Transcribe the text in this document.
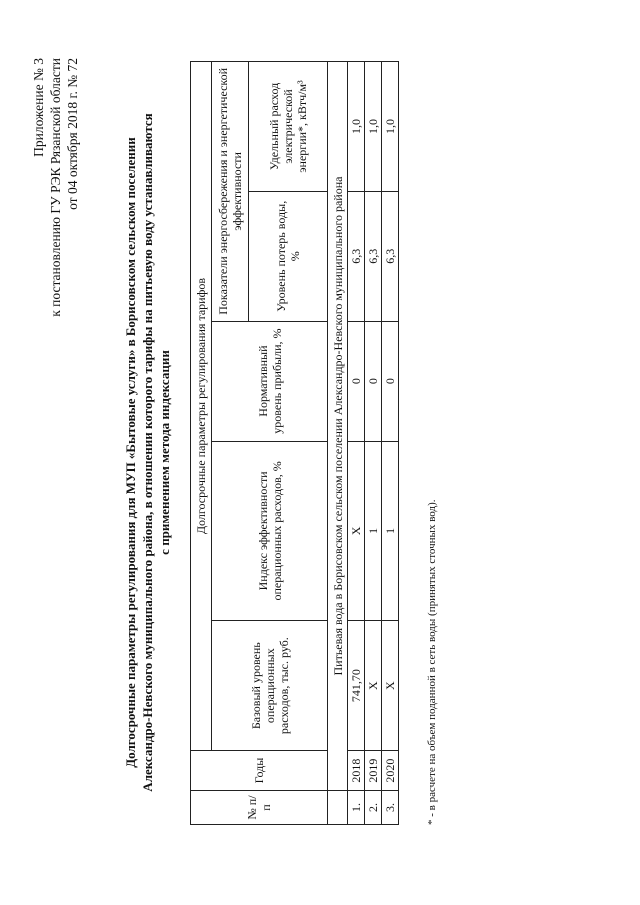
Приложение № 3 к постановлению ГУ РЭК Рязанской области от 04 октября 2018 г. № 72
Долгосрочные параметры регулирования для МУП «Бытовые услуги» в Борисовском сельском поселении Александро-Невского муниципального района, в отношении которого тарифы на питьевую воду устанавливаются с применением метода индексации
№ п/п	Годы	Долгосрочные параметры регулирования тарифов				
		Базовый уровень операционных расходов, тыс. руб.	Индекс эффективности операционных расходов, %	Нормативный уровень прибыли, %	Показатели энергосбережения и энергетической эффективности	
					Уровень потерь воды, %	Удельный расход электрической энергии*, кВтч/м³
	Питьевая вода в Борисовском сельском поселении Александро-Невского муниципального района					
1.	2018	741,70	Х	0	6,3	1,0
2.	2019	Х	1	0	6,3	1,0
3.	2020	Х	1	0	6,3	1,0
* - в расчете на объем поданной в сеть воды (принятых сточных вод).
